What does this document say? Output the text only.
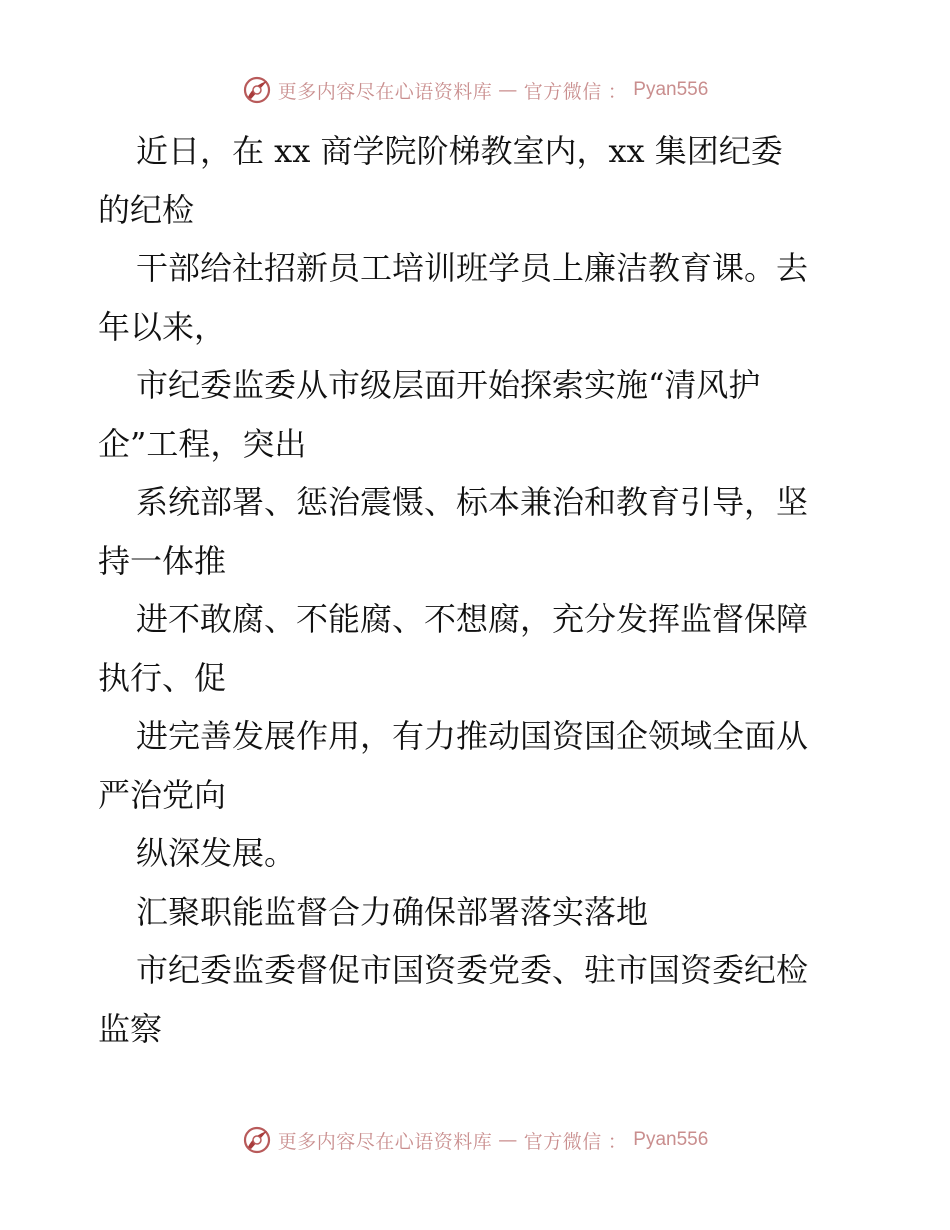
更多内容尽在心语资料库 — 官方微信 ： Pyan556
近日，在 xx 商学院阶梯教室内，xx 集团纪委
的纪检
干部给社招新员工培训班学员上廉洁教育课。去
年以来，
市纪委监委从市级层面开始探索实施“清风护
企”工程，突出
系统部署、惩治震慑、标本兼治和教育引导，坚
持一体推
进不敢腐、不能腐、不想腐，充分发挥监督保障
执行、促
进完善发展作用，有力推动国资国企领域全面从
严治党向
纵深发展。
汇聚职能监督合力确保部署落实落地
市纪委监委督促市国资委党委、驻市国资委纪检
监察
更多内容尽在心语资料库 — 官方微信 ： Pyan556
